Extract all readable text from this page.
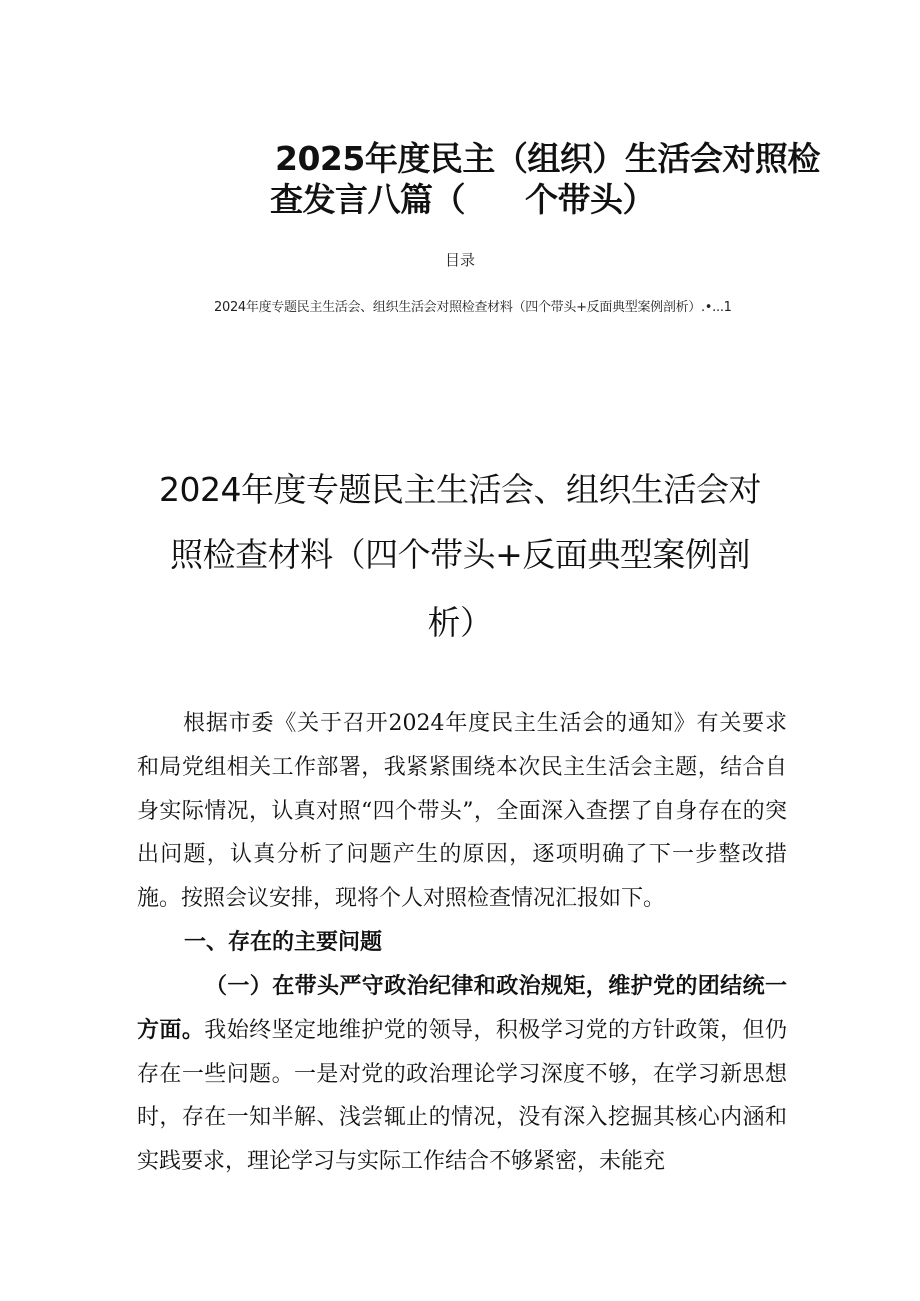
2025年度民主（组织）生活会对照检
查发言八篇（ 个带头）
目录
2024年度专题民主生活会、组织生活会对照检查材料（四个带头+反面典型案例剖析）.•...1
2024年度专题民主生活会、组织生活会对
照检查材料（四个带头+反面典型案例剖
析）

根据市委《关于召开2024年度民主生活会的通知》有关要求和局党组相关工作部署，我紧紧围绕本次民主生活会主题，结合自身实际情况，认真对照“四个带头”，全面深入查摆了自身存在的突出问题，认真分析了问题产生的原因，逐项明确了下一步整改措施。按照会议安排，现将个人对照检查情况汇报如下。

一、存在的主要问题

（一）在带头严守政治纪律和政治规矩，维护党的团结统一方面。我始终坚定地维护党的领导，积极学习党的方针政策，但仍存在一些问题。一是对党的政治理论学习深度不够，在学习新思想时，存在一知半解、浅尝辄止的情况，没有深入挖掘其核心内涵和实践要求，理论学习与实际工作结合不够紧密，未能充
